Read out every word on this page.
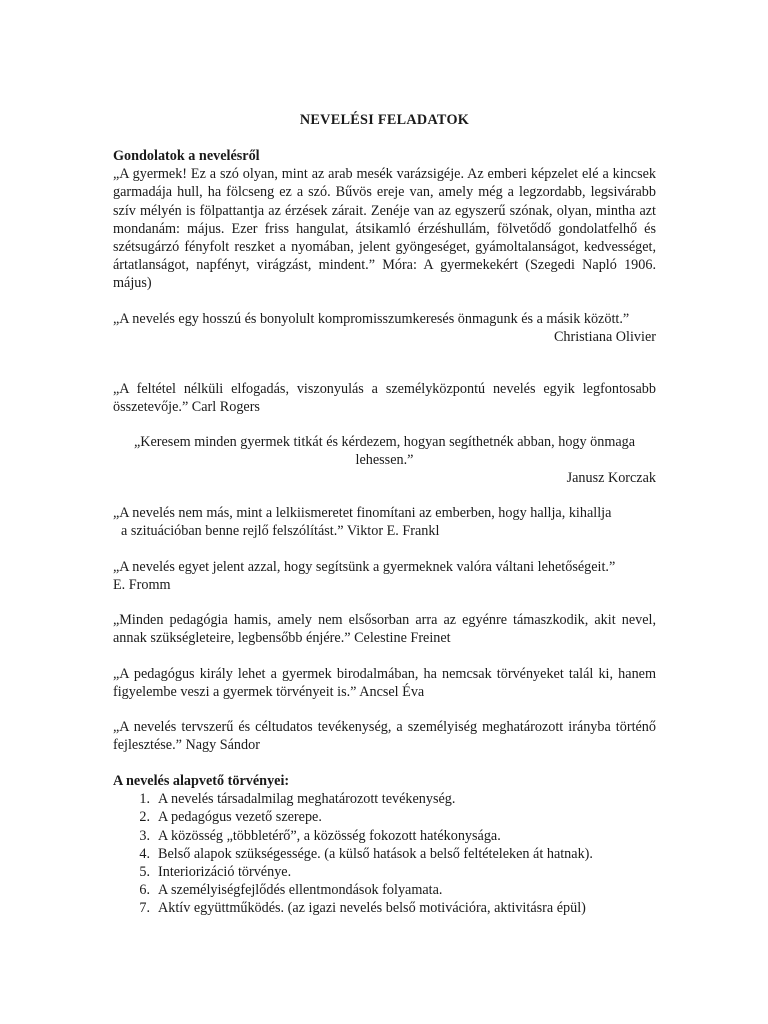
NEVELÉSI FELADATOK

Gondolatok a nevelésről

„A gyermek! Ez a szó olyan, mint az arab mesék varázsigéje. Az emberi képzelet elé a kincsek garmadája hull, ha fölcseng ez a szó. Bűvös ereje van, amely még a legzordabb, legsivárabb szív mélyén is fölpattantja az érzések zárait. Zenéje van az egyszerű szónak, olyan, mintha azt mondanám: május. Ezer friss hangulat, átsikamló érzéshullám, fölvetődő gondolatfelhő és szétsugárzó fényfolt reszket a nyomában, jelent gyöngeséget, gyámoltalanságot, kedvességet, ártatlanságot, napfényt, virágzást, mindent.” Móra: A gyermekekért (Szegedi Napló 1906. május)

„A nevelés egy hosszú és bonyolult kompromisszumkeresés önmagunk és a másik között.”

Christiana Olivier

„A feltétel nélküli elfogadás, viszonyulás a személyközpontú nevelés egyik legfontosabb összetevője.” Carl Rogers

„Keresem minden gyermek titkát és kérdezem, hogyan segíthetnék abban, hogy önmaga

lehessen.”

Janusz Korczak

„A nevelés nem más, mint a lelkiismeretet finomítani az emberben, hogy hallja, kihallja

a szituációban benne rejlő felszólítást.” Viktor E. Frankl

„A nevelés egyet jelent azzal, hogy segítsünk a gyermeknek valóra váltani lehetőségeit.”

E. Fromm

„Minden pedagógia hamis, amely nem elsősorban arra az egyénre támaszkodik, akit nevel, annak szükségleteire, legbensőbb énjére.” Celestine Freinet

„A pedagógus király lehet a gyermek birodalmában, ha nemcsak törvényeket talál ki, hanem figyelembe veszi a gyermek törvényeit is.” Ancsel Éva

„A nevelés tervszerű és céltudatos tevékenység, a személyiség meghatározott irányba történő fejlesztése.” Nagy Sándor

A nevelés alapvető törvényei:

1. A nevelés társadalmilag meghatározott tevékenység.
2. A pedagógus vezető szerepe.
3. A közösség „többletérő”, a közösség fokozott hatékonysága.
4. Belső alapok szükségessége. (a külső hatások a belső feltételeken át hatnak).
5. Interiorizáció törvénye.
6. A személyiségfejlődés ellentmondások folyamata.
7. Aktív együttműködés. (az igazi nevelés belső motivációra, aktivitásra épül)
